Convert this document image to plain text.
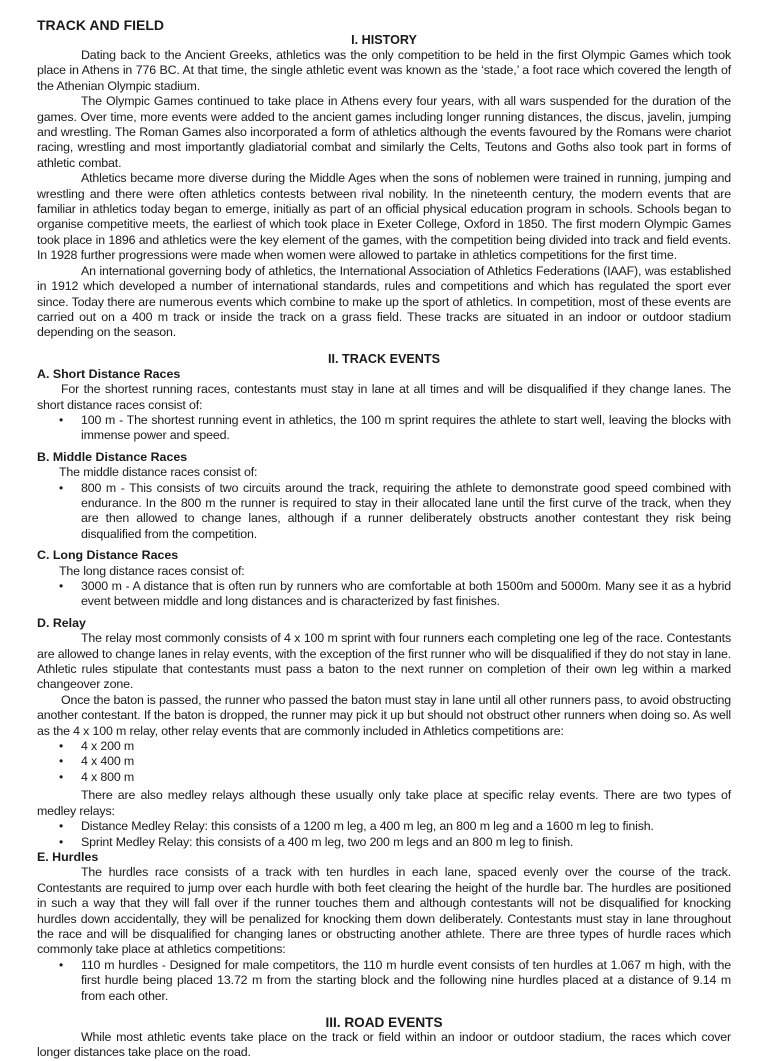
TRACK AND FIELD
I. HISTORY

Dating back to the Ancient Greeks, athletics was the only competition to be held in the first Olympic Games which took place in Athens in 776 BC. At that time, the single athletic event was known as the ‘stade,’ a foot race which covered the length of the Athenian Olympic stadium.

The Olympic Games continued to take place in Athens every four years, with all wars suspended for the duration of the games. Over time, more events were added to the ancient games including longer running distances, the discus, javelin, jumping and wrestling. The Roman Games also incorporated a form of athletics although the events favoured by the Romans were chariot racing, wrestling and most importantly gladiatorial combat and similarly the Celts, Teutons and Goths also took part in forms of athletic combat.

Athletics became more diverse during the Middle Ages when the sons of noblemen were trained in running, jumping and wrestling and there were often athletics contests between rival nobility. In the nineteenth century, the modern events that are familiar in athletics today began to emerge, initially as part of an official physical education program in schools. Schools began to organise competitive meets, the earliest of which took place in Exeter College, Oxford in 1850. The first modern Olympic Games took place in 1896 and athletics were the key element of the games, with the competition being divided into track and field events. In 1928 further progressions were made when women were allowed to partake in athletics competitions for the first time.

An international governing body of athletics, the International Association of Athletics Federations (IAAF), was established in 1912 which developed a number of international standards, rules and competitions and which has regulated the sport ever since. Today there are numerous events which combine to make up the sport of athletics. In competition, most of these events are carried out on a 400 m track or inside the track on a grass field. These tracks are situated in an indoor or outdoor stadium depending on the season.

II. TRACK EVENTS
A. Short Distance Races

For the shortest running races, contestants must stay in lane at all times and will be disqualified if they change lanes. The short distance races consist of:

• 100 m - The shortest running event in athletics, the 100 m sprint requires the athlete to start well, leaving the blocks with immense power and speed.
B. Middle Distance Races

The middle distance races consist of:

• 800 m - This consists of two circuits around the track, requiring the athlete to demonstrate good speed combined with endurance. In the 800 m the runner is required to stay in their allocated lane until the first curve of the track, when they are then allowed to change lanes, although if a runner deliberately obstructs another contestant they risk being disqualified from the competition.
C. Long Distance Races

The long distance races consist of:

• 3000 m - A distance that is often run by runners who are comfortable at both 1500m and 5000m. Many see it as a hybrid event between middle and long distances and is characterized by fast finishes.
D. Relay

The relay most commonly consists of 4 x 100 m sprint with four runners each completing one leg of the race. Contestants are allowed to change lanes in relay events, with the exception of the first runner who will be disqualified if they do not stay in lane. Athletic rules stipulate that contestants must pass a baton to the next runner on completion of their own leg within a marked changeover zone.

Once the baton is passed, the runner who passed the baton must stay in lane until all other runners pass, to avoid obstructing another contestant. If the baton is dropped, the runner may pick it up but should not obstruct other runners when doing so. As well as the 4 x 100 m relay, other relay events that are commonly included in Athletics competitions are:

• 4 x 200 m
• 4 x 400 m
• 4 x 800 m

There are also medley relays although these usually only take place at specific relay events. There are two types of medley relays:

• Distance Medley Relay: this consists of a 1200 m leg, a 400 m leg, an 800 m leg and a 1600 m leg to finish.
• Sprint Medley Relay: this consists of a 400 m leg, two 200 m legs and an 800 m leg to finish.
E. Hurdles

The hurdles race consists of a track with ten hurdles in each lane, spaced evenly over the course of the track. Contestants are required to jump over each hurdle with both feet clearing the height of the hurdle bar. The hurdles are positioned in such a way that they will fall over if the runner touches them and although contestants will not be disqualified for knocking hurdles down accidentally, they will be penalized for knocking them down deliberately. Contestants must stay in lane throughout the race and will be disqualified for changing lanes or obstructing another athlete. There are three types of hurdle races which commonly take place at athletics competitions:

• 110 m hurdles - Designed for male competitors, the 110 m hurdle event consists of ten hurdles at 1.067 m high, with the first hurdle being placed 13.72 m from the starting block and the following nine hurdles placed at a distance of 9.14 m from each other.
III. ROAD EVENTS

While most athletic events take place on the track or field within an indoor or outdoor stadium, the races which cover longer distances take place on the road.
